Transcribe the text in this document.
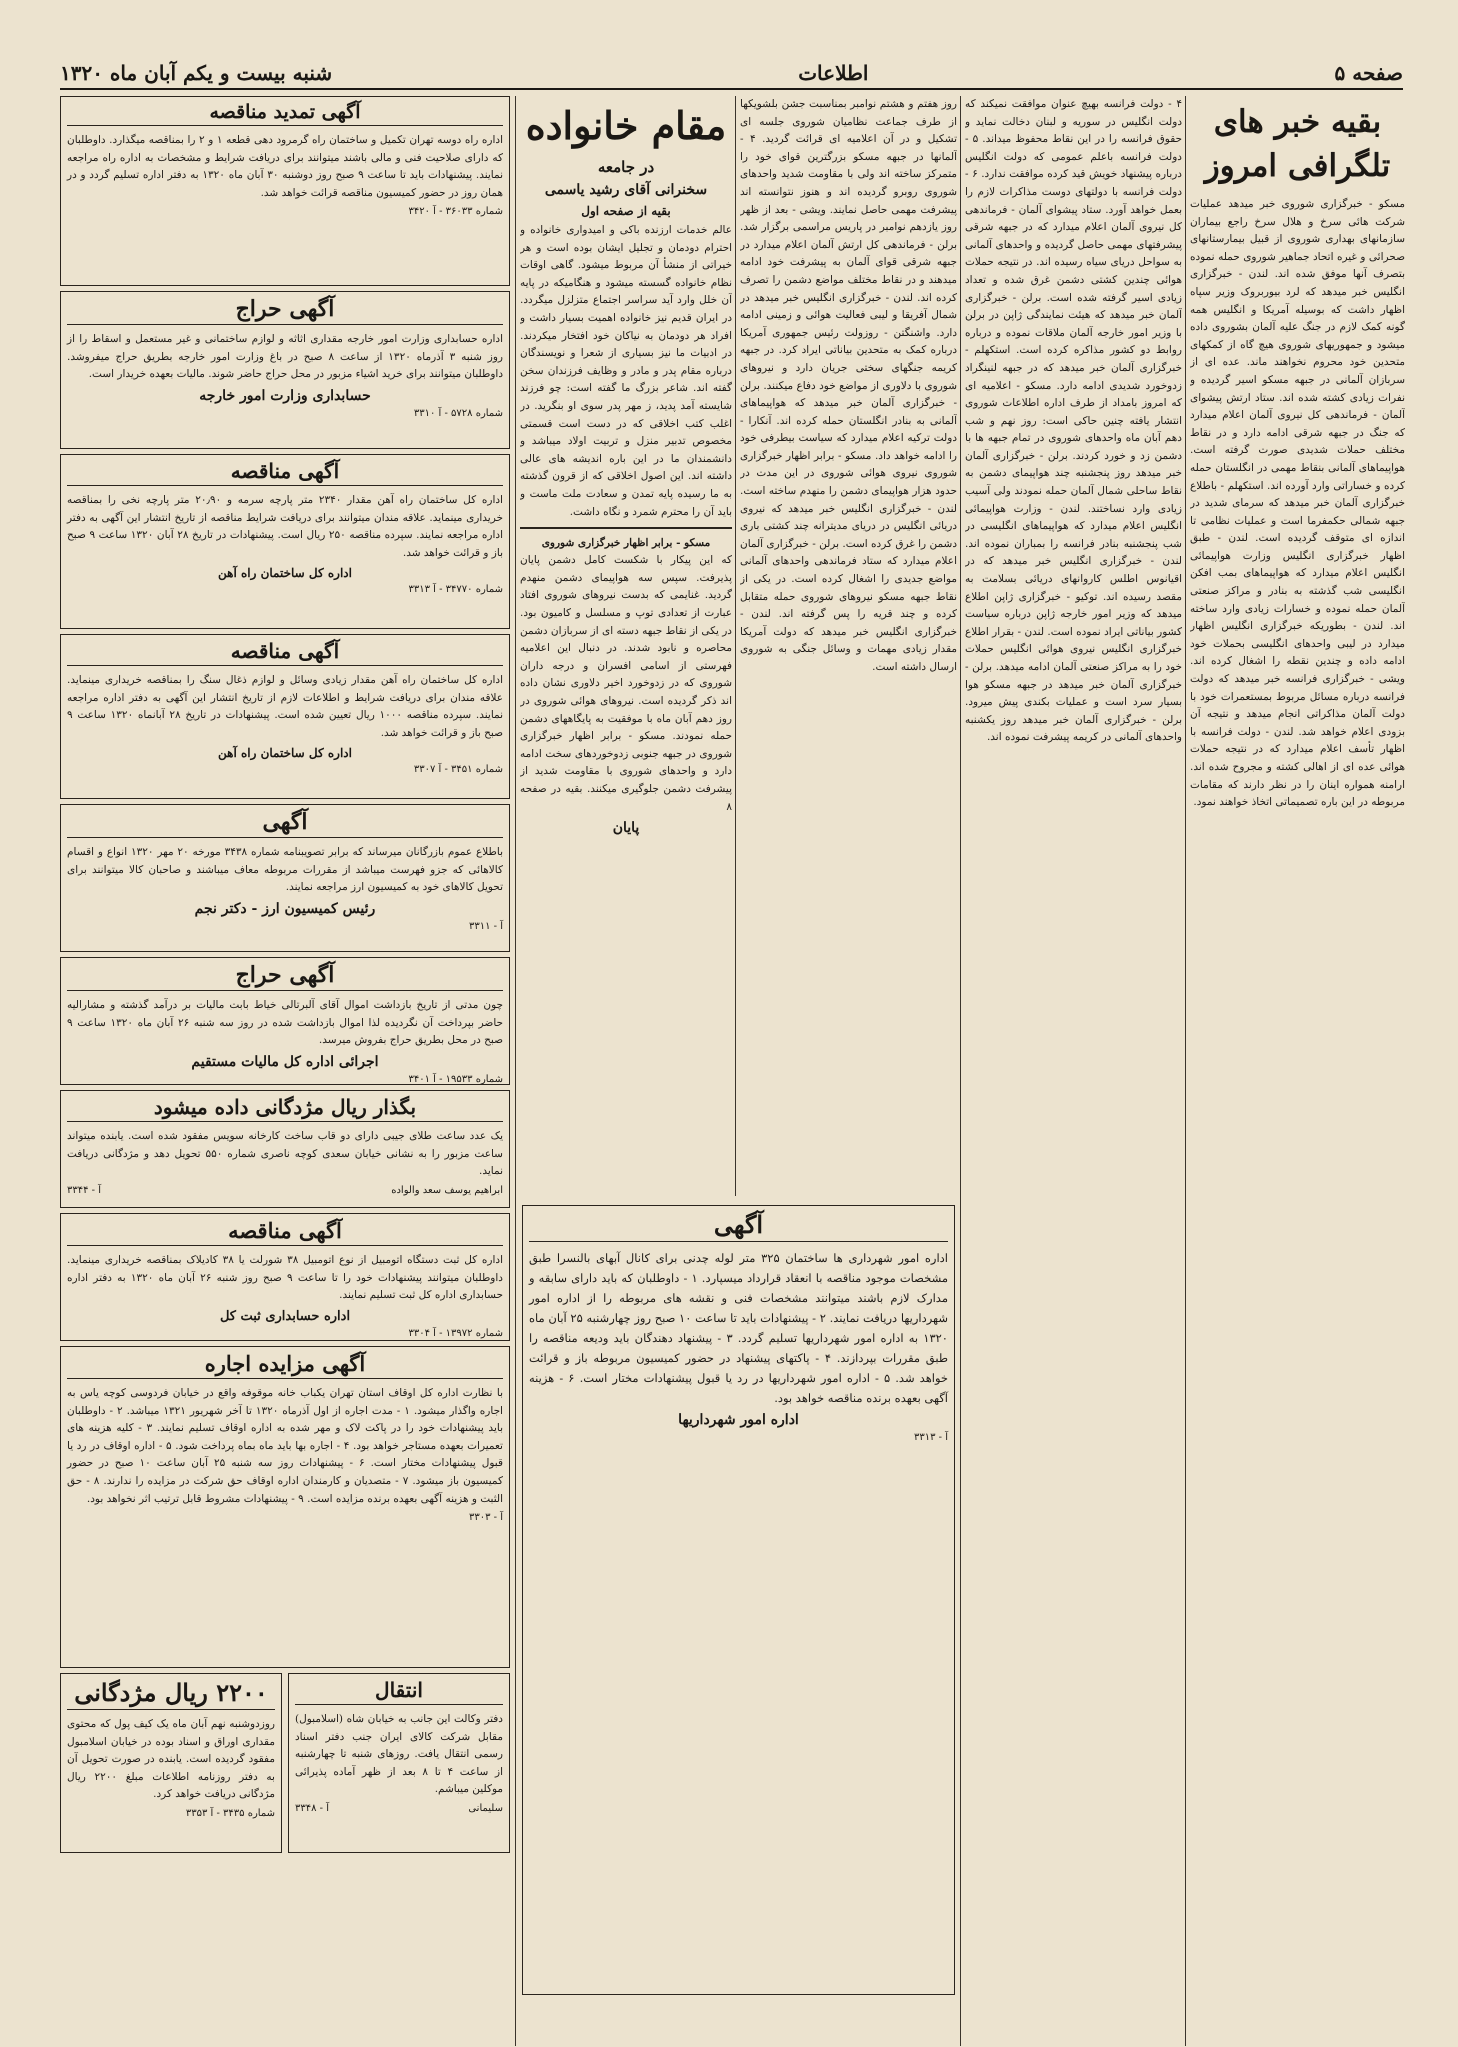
شنبه بیست و یکم آبان ماه ۱۳۲۰	اطلاعات	صفحه ۵
بقیه خبر های تلگرافی امروز

مسکو - خبرگزاری شوروی خبر میدهد عملیات شرکت هائی سرخ و هلال سرخ راجع بیماران سازمانهای بهداری شوروی از قبیل بیمارستانهای صحرائی و غیره اتحاد جماهیر شوروی حمله نموده بتصرف آنها موفق شده اند. لندن - خبرگزاری انگلیس خبر میدهد که لرد بیوربروک وزیر سپاه اظهار داشت که بوسیله آمریکا و انگلیس همه گونه کمک لازم در جنگ علیه آلمان بشوروی داده میشود و جمهوریهای شوروی هیچ گاه از کمکهای متحدین خود محروم نخواهند ماند. عده ای از سربازان آلمانی در جبهه مسکو اسیر گردیده و نفرات زیادی کشته شده اند. ستاد ارتش پیشوای آلمان - فرماندهی کل نیروی آلمان اعلام میدارد که جنگ در جبهه شرقی ادامه دارد و در نقاط مختلف حملات شدیدی صورت گرفته است. هواپیماهای آلمانی بنقاط مهمی در انگلستان حمله کرده و خساراتی وارد آورده اند. استکهلم - باطلاع خبرگزاری آلمان خبر میدهد که سرمای شدید در جبهه شمالی حکمفرما است و عملیات نظامی تا اندازه ای متوقف گردیده است. لندن - طبق اظهار خبرگزاری انگلیس وزارت هواپیمائی انگلیس اعلام میدارد که هواپیماهای بمب افکن انگلیسی شب گذشته به بنادر و مراکز صنعتی آلمان حمله نموده و خسارات زیادی وارد ساخته اند. لندن - بطوریکه خبرگزاری انگلیس اظهار میدارد در لیبی واحدهای انگلیسی بحملات خود ادامه داده و چندین نقطه را اشغال کرده اند. ویشی - خبرگزاری فرانسه خبر میدهد که دولت فرانسه درباره مسائل مربوط بمستعمرات خود با دولت آلمان مذاکراتی انجام میدهد و نتیجه آن بزودی اعلام خواهد شد. لندن - دولت فرانسه با اظهار تأسف اعلام میدارد که در نتیجه حملات هوائی عده ای از اهالی کشته و مجروح شده اند. ارامنه همواره اینان را در نظر دارند که مقامات مربوطه در این باره تصمیماتی اتخاذ خواهند نمود.

۴ - دولت فرانسه بهیچ عنوان موافقت نمیکند که دولت انگلیس در سوریه و لبنان دخالت نماید و حقوق فرانسه را در این نقاط محفوظ میداند. ۵ - دولت فرانسه باعلم عمومی که دولت انگلیس درباره پیشنهاد خویش قید کرده موافقت ندارد. ۶ - دولت فرانسه با دولتهای دوست مذاکرات لازم را بعمل خواهد آورد. ستاد پیشوای آلمان - فرماندهی کل نیروی آلمان اعلام میدارد که در جبهه شرقی پیشرفتهای مهمی حاصل گردیده و واحدهای آلمانی به سواحل دریای سیاه رسیده اند. در نتیجه حملات هوائی چندین کشتی دشمن غرق شده و تعداد زیادی اسیر گرفته شده است. برلن - خبرگزاری آلمان خبر میدهد که هیئت نمایندگی ژاپن در برلن با وزیر امور خارجه آلمان ملاقات نموده و درباره روابط دو کشور مذاکره کرده است. استکهلم - خبرگزاری آلمان خبر میدهد که در جبهه لنینگراد زدوخورد شدیدی ادامه دارد. مسکو - اعلامیه ای که امروز بامداد از طرف اداره اطلاعات شوروی انتشار یافته چنین حاکی است: روز نهم و شب دهم آبان ماه واحدهای شوروی در تمام جبهه ها با دشمن زد و خورد کردند. برلن - خبرگزاری آلمان خبر میدهد روز پنجشنبه چند هواپیمای دشمن به نقاط ساحلی شمال آلمان حمله نمودند ولی آسیب زیادی وارد نساختند. لندن - وزارت هواپیمائی انگلیس اعلام میدارد که هواپیماهای انگلیسی در شب پنجشنبه بنادر فرانسه را بمباران نموده اند. لندن - خبرگزاری انگلیس خبر میدهد که در اقیانوس اطلس کاروانهای دریائی بسلامت به مقصد رسیده اند. توکیو - خبرگزاری ژاپن اطلاع میدهد که وزیر امور خارجه ژاپن درباره سیاست کشور بیاناتی ایراد نموده است. لندن - بقرار اطلاع خبرگزاری انگلیس نیروی هوائی انگلیس حملات خود را به مراکز صنعتی آلمان ادامه میدهد. برلن - خبرگزاری آلمان خبر میدهد در جبهه مسکو هوا بسیار سرد است و عملیات بکندی پیش میرود. برلن - خبرگزاری آلمان خبر میدهد روز یکشنبه واحدهای آلمانی در کریمه پیشرفت نموده اند.

روز هفتم و هشتم نوامبر بمناسبت جشن بلشویکها از طرف جماعت نظامیان شوروی جلسه ای تشکیل و در آن اعلامیه ای قرائت گردید. ۴ - آلمانها در جبهه مسکو بزرگترین قوای خود را متمرکز ساخته اند ولی با مقاومت شدید واحدهای شوروی روبرو گردیده اند و هنوز نتوانسته اند پیشرفت مهمی حاصل نمایند. ویشی - بعد از ظهر روز یازدهم نوامبر در پاریس مراسمی برگزار شد. برلن - فرماندهی کل ارتش آلمان اعلام میدارد در جبهه شرقی قوای آلمان به پیشرفت خود ادامه میدهند و در نقاط مختلف مواضع دشمن را تصرف کرده اند. لندن - خبرگزاری انگلیس خبر میدهد در شمال آفریقا و لیبی فعالیت هوائی و زمینی ادامه دارد. واشنگتن - روزولت رئیس جمهوری آمریکا درباره کمک به متحدین بیاناتی ایراد کرد. در جبهه کریمه جنگهای سختی جریان دارد و نیروهای شوروی با دلاوری از مواضع خود دفاع میکنند. برلن - خبرگزاری آلمان خبر میدهد که هواپیماهای آلمانی به بنادر انگلستان حمله کرده اند. آنکارا - دولت ترکیه اعلام میدارد که سیاست بیطرفی خود را ادامه خواهد داد. مسکو - برابر اظهار خبرگزاری شوروی نیروی هوائی شوروی در این مدت در حدود هزار هواپیمای دشمن را منهدم ساخته است. لندن - خبرگزاری انگلیس خبر میدهد که نیروی دریائی انگلیس در دریای مدیترانه چند کشتی باری دشمن را غرق کرده است. برلن - خبرگزاری آلمان اعلام میدارد که ستاد فرماندهی واحدهای آلمانی مواضع جدیدی را اشغال کرده است. در یکی از نقاط جبهه مسکو نیروهای شوروی حمله متقابل کرده و چند قریه را پس گرفته اند. لندن - خبرگزاری انگلیس خبر میدهد که دولت آمریکا مقدار زیادی مهمات و وسائل جنگی به شوروی ارسال داشته است.

مقام خانواده
در جامعه
سخنرانی آقای رشید یاسمی
بقیه از صفحه اول

عالم خدمات ارزنده باکی و امیدواری خانواده و احترام دودمان و تجلیل ایشان بوده است و هر خیراتی از منشأ آن مربوط میشود. گاهی اوقات نظام خانواده گسسته میشود و هنگامیکه در پایه آن خلل وارد آید سراسر اجتماع متزلزل میگردد. در ایران قدیم نیز خانواده اهمیت بسیار داشت و افراد هر دودمان به نیاکان خود افتخار میکردند. در ادبیات ما نیز بسیاری از شعرا و نویسندگان درباره مقام پدر و مادر و وظایف فرزندان سخن گفته اند. شاعر بزرگ ما گفته است: چو فرزند شایسته آمد پدید، ز مهر پدر سوی او بنگرید. در اغلب کتب اخلاقی که در دست است قسمتی مخصوص تدبیر منزل و تربیت اولاد میباشد و دانشمندان ما در این باره اندیشه های عالی داشته اند. این اصول اخلاقی که از قرون گذشته به ما رسیده پایه تمدن و سعادت ملت ماست و باید آن را محترم شمرد و نگاه داشت.

مسکو - برابر اظهار خبرگزاری شوروی

که این پیکار با شکست کامل دشمن پایان پذیرفت. سپس سه هواپیمای دشمن منهدم گردید. غنایمی که بدست نیروهای شوروی افتاد عبارت از تعدادی توپ و مسلسل و کامیون بود. در یکی از نقاط جبهه دسته ای از سربازان دشمن محاصره و نابود شدند. در دنبال این اعلامیه فهرستی از اسامی افسران و درجه داران شوروی که در زدوخورد اخیر دلاوری نشان داده اند ذکر گردیده است. نیروهای هوائی شوروی در روز دهم آبان ماه با موفقیت به پایگاههای دشمن حمله نمودند. مسکو - برابر اظهار خبرگزاری شوروی در جبهه جنوبی زدوخوردهای سخت ادامه دارد و واحدهای شوروی با مقاومت شدید از پیشرفت دشمن جلوگیری میکنند. بقیه در صفحه ۸

پایان
آگهی

اداره امور شهرداری ها ساختمان ۳۲۵ متر لوله چدنی برای کانال آبهای بالنسرا طبق مشخصات موجود مناقصه با انعقاد قرارداد میسپارد. ۱ - داوطلبان که باید دارای سابقه و مدارک لازم باشند میتوانند مشخصات فنی و نقشه های مربوطه را از اداره امور شهرداریها دریافت نمایند. ۲ - پیشنهادات باید تا ساعت ۱۰ صبح روز چهارشنبه ۲۵ آبان ماه ۱۳۲۰ به اداره امور شهرداریها تسلیم گردد. ۳ - پیشنهاد دهندگان باید ودیعه مناقصه را طبق مقررات بپردازند. ۴ - پاکتهای پیشنهاد در حضور کمیسیون مربوطه باز و قرائت خواهد شد. ۵ - اداره امور شهرداریها در رد یا قبول پیشنهادات مختار است. ۶ - هزینه آگهی بعهده برنده مناقصه خواهد بود.

اداره امور شهرداریها
آ - ۳۳۱۳
آگهی تمدید مناقصه

اداره راه دوسه تهران تکمیل و ساختمان راه گرمرود دهی قطعه ۱ و ۲ را بمناقصه میگذارد. داوطلبان که دارای صلاحیت فنی و مالی باشند میتوانند برای دریافت شرایط و مشخصات به اداره راه مراجعه نمایند. پیشنهادات باید تا ساعت ۹ صبح روز دوشنبه ۳۰ آبان ماه ۱۳۲۰ به دفتر اداره تسلیم گردد و در همان روز در حضور کمیسیون مناقصه قرائت خواهد شد.

شماره ۳۶۰۳۳ - آ ۳۴۲۰
آگهی حراج

اداره حسابداری وزارت امور خارجه مقداری اثاثه و لوازم ساختمانی و غیر مستعمل و اسقاط را از روز شنبه ۳ آذرماه ۱۳۲۰ از ساعت ۸ صبح در باغ وزارت امور خارجه بطریق حراج میفروشد. داوطلبان میتوانند برای خرید اشیاء مزبور در محل حراج حاضر شوند. مالیات بعهده خریدار است.

حسابداری وزارت امور خارجه
شماره ۵۷۲۸ - آ ۳۳۱۰
آگهی مناقصه

اداره کل ساختمان راه آهن مقدار ۲۳۴۰ متر پارچه سرمه و ۲۰٫۹۰ متر پارچه نخی را بمناقصه خریداری مینماید. علاقه مندان میتوانند برای دریافت شرایط مناقصه از تاریخ انتشار این آگهی به دفتر اداره مراجعه نمایند. سپرده مناقصه ۲۵۰ ریال است. پیشنهادات در تاریخ ۲۸ آبان ۱۳۲۰ ساعت ۹ صبح باز و قرائت خواهد شد.

اداره کل ساختمان راه آهن
شماره ۳۴۷۷۰ - آ ۳۳۱۳
آگهی مناقصه

اداره کل ساختمان راه آهن مقدار زیادی وسائل و لوازم ذغال سنگ را بمناقصه خریداری مینماید. علاقه مندان برای دریافت شرایط و اطلاعات لازم از تاریخ انتشار این آگهی به دفتر اداره مراجعه نمایند. سپرده مناقصه ۱۰۰۰ ریال تعیین شده است. پیشنهادات در تاریخ ۲۸ آبانماه ۱۳۲۰ ساعت ۹ صبح باز و قرائت خواهد شد.

اداره کل ساختمان راه آهن
شماره ۳۴۵۱ - آ ۳۳۰۷
آگهی

باطلاع عموم بازرگانان میرساند که برابر تصویبنامه شماره ۳۴۳۸ مورخه ۲۰ مهر ۱۳۲۰ انواع و اقسام کالاهائی که جزو فهرست میباشد از مقررات مربوطه معاف میباشند و صاحبان کالا میتوانند برای تحویل کالاهای خود به کمیسیون ارز مراجعه نمایند.

رئیس کمیسیون ارز - دکتر نجم
آ - ۳۳۱۱
آگهی حراج

چون مدتی از تاریخ بازداشت اموال آقای آلبرتالی خیاط بابت مالیات بر درآمد گذشته و مشارالیه حاضر بپرداخت آن نگردیده لذا اموال بازداشت شده در روز سه شنبه ۲۶ آبان ماه ۱۳۲۰ ساعت ۹ صبح در محل بطریق حراج بفروش میرسد.

اجرائی اداره کل مالیات مستقیم
شماره ۱۹۵۳۳ - آ ۳۴۰۱
بگذار ریال مژدگانی داده میشود

یک عدد ساعت طلای جیبی دارای دو قاب ساخت کارخانه سویس مفقود شده است. یابنده میتواند ساعت مزبور را به نشانی خیابان سعدی کوچه ناصری شماره ۵۵۰ تحویل دهد و مژدگانی دریافت نماید.

ابراهیم یوسف سعد والواده
آ - ۳۳۴۴
آگهی مناقصه

اداره کل ثبت دستگاه اتومبیل از نوع اتومبیل ۳۸ شورلت یا ۳۸ کادیلاک بمناقصه خریداری مینماید. داوطلبان میتوانند پیشنهادات خود را تا ساعت ۹ صبح روز شنبه ۲۶ آبان ماه ۱۳۲۰ به دفتر اداره حسابداری اداره کل ثبت تسلیم نمایند.

اداره حسابداری ثبت کل
شماره ۱۳۹۷۲ - آ ۳۳۰۴
آگهی مزایده اجاره

با نظارت اداره کل اوقاف استان تهران یکباب خانه موقوفه واقع در خیابان فردوسی کوچه یاس به اجاره واگذار میشود. ۱ - مدت اجاره از اول آذرماه ۱۳۲۰ تا آخر شهریور ۱۳۲۱ میباشد. ۲ - داوطلبان باید پیشنهادات خود را در پاکت لاک و مهر شده به اداره اوقاف تسلیم نمایند. ۳ - کلیه هزینه های تعمیرات بعهده مستاجر خواهد بود. ۴ - اجاره بها باید ماه بماه پرداخت شود. ۵ - اداره اوقاف در رد یا قبول پیشنهادات مختار است. ۶ - پیشنهادات روز سه شنبه ۲۵ آبان ساعت ۱۰ صبح در حضور کمیسیون باز میشود. ۷ - متصدیان و کارمندان اداره اوقاف حق شرکت در مزایده را ندارند. ۸ - حق الثبت و هزینه آگهی بعهده برنده مزایده است. ۹ - پیشنهادات مشروط قابل ترتیب اثر نخواهد بود.

آ - ۳۳۰۳
انتقال

دفتر وکالت این جانب به خیابان شاه (اسلامبول) مقابل شرکت کالای ایران جنب دفتر اسناد رسمی انتقال یافت. روزهای شنبه تا چهارشنبه از ساعت ۴ تا ۸ بعد از ظهر آماده پذیرائی موکلین میباشم.

سلیمانی
آ - ۳۳۴۸
۲۲۰۰ ریال مژدگانی

روزدوشنبه نهم آبان ماه یک کیف پول که محتوی مقداری اوراق و اسناد بوده در خیابان اسلامبول مفقود گردیده است. یابنده در صورت تحویل آن به دفتر روزنامه اطلاعات مبلغ ۲۲۰۰ ریال مژدگانی دریافت خواهد کرد.

شماره ۳۴۳۵ - آ ۳۳۵۳
